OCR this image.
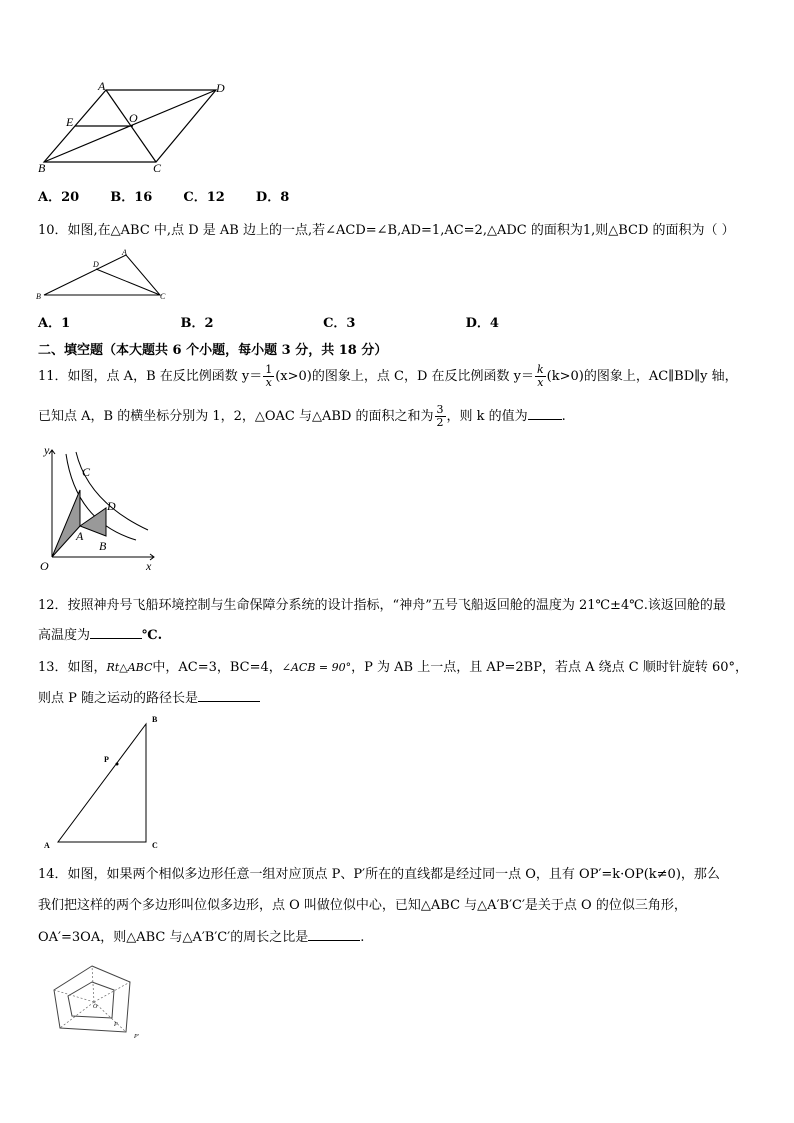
A	D
E	O
B	C
A．20 B．16 C．12 D．8
10．如图,在△ABC 中,点 D 是 AB 边上的一点,若∠ACD=∠B,AD=1,AC=2,△ADC 的面积为1,则△BCD 的面积为（ ）
A
D
B	C
A．1	B．2	C．3	D．4
二、填空题（本大题共 6 个小题，每小题 3 分，共 18 分）
11．如图，点 A，B 在反比例函数 $y= \frac{1}{x} (x>0)$的图象上，点 C，D 在反比例函数 $y= \frac{k}{x} (k>0)$的图象上，AC∥BD∥y 轴，
已知点 A，B 的横坐标分别为 1，2，△OAC 与△ABD 的面积之和为 $\frac{3}{2}$ ，则 k 的值为	.
y
x
O
C
D
A
B
12．按照神舟号飞船环境控制与生命保障分系统的设计指标，“神舟”五号飞船返回舱的温度为 21℃±4℃.该返回舱的最
高温度为	℃.
13．如图，Rt△ABC中，AC=3，BC=4，∠ACB = 90°，P 为 AB 上一点，且 AP=2BP，若点 A 绕点 C 顺时针旋转 60°，
则点 P 随之运动的路径长是
A
B
C
P
14．如图，如果两个相似多边形任意一组对应顶点 P、P′所在的直线都是经过同一点 O，且有 OP′=k·OP(k≠0)，那么
我们把这样的两个多边形叫位似多边形，点 O 叫做位似中心，已知△ABC 与△A′B′C′是关于点 O 的位似三角形，
OA′=3OA，则△ABC 与△A′B′C′的周长之比是	.
O
P
P′
